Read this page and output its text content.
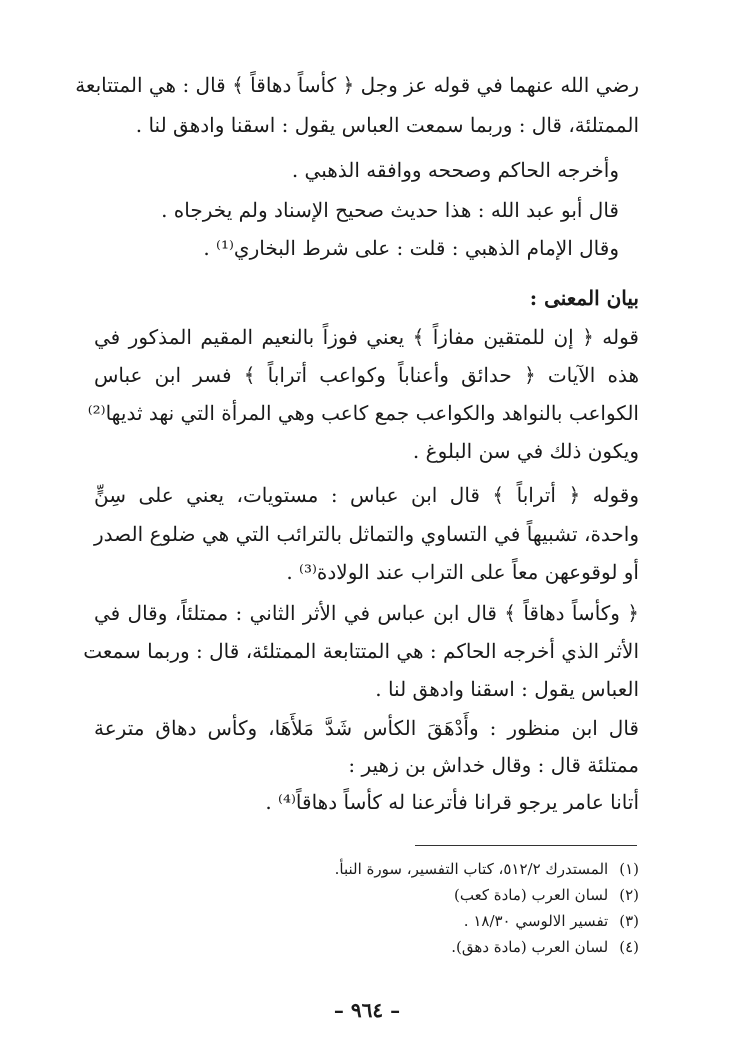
رضي الله عنهما في قوله عز وجل ﴿ كأساً دهاقاً ﴾ قال : هي المتتابعة
الممتلئة، قال : وربما سمعت العباس يقول : اسقنا وادهق لنا .
وأخرجه الحاكم وصححه ووافقه الذهبي .
قال أبو عبد الله : هذا حديث صحيح الإسناد ولم يخرجاه .
وقال الإمام الذهبي : قلت : على شرط البخاري⁽¹⁾ .
بيان المعنى :
قوله ﴿ إن للمتقين مفازاً ﴾ يعني فوزاً بالنعيم المقيم المذكور في
هذه الآيات ﴿ حدائق وأعناباً وكواعب أتراباً ﴾ فسر ابن عباس
الكواعب بالنواهد والكواعب جمع كاعب وهي المرأة التي نهد ثديها⁽²⁾
ويكون ذلك في سن البلوغ .
وقوله ﴿ أتراباً ﴾ قال ابن عباس : مستويات، يعني على سِنٍّ
واحدة، تشبيهاً في التساوي والتماثل بالترائب التي هي ضلوع الصدر
أو لوقوعهن معاً على التراب عند الولادة⁽³⁾ .
﴿ وكأساً دهاقاً ﴾ قال ابن عباس في الأثر الثاني : ممتلئاً، وقال في
الأثر الذي أخرجه الحاكم : هي المتتابعة الممتلئة، قال : وربما سمعت
العباس يقول : اسقنا وادهق لنا .
قال ابن منظور : وأَدْهَقَ الكأس شَدَّ مَلأَهَا، وكأس دهاق مترعة
ممتلئة قال : وقال خداش بن زهير :
أتانا عامر يرجو قرانا فأترعنا له كأساً دهاقاً⁽⁴⁾ .
(١) المستدرك ٥١٢/٢، كتاب التفسير، سورة النبأ.
(٢) لسان العرب (مادة كعب)
(٣) تفسير الالوسي ١٨/٣٠ .
(٤) لسان العرب (مادة دهق).
– ٩٦٤ –
